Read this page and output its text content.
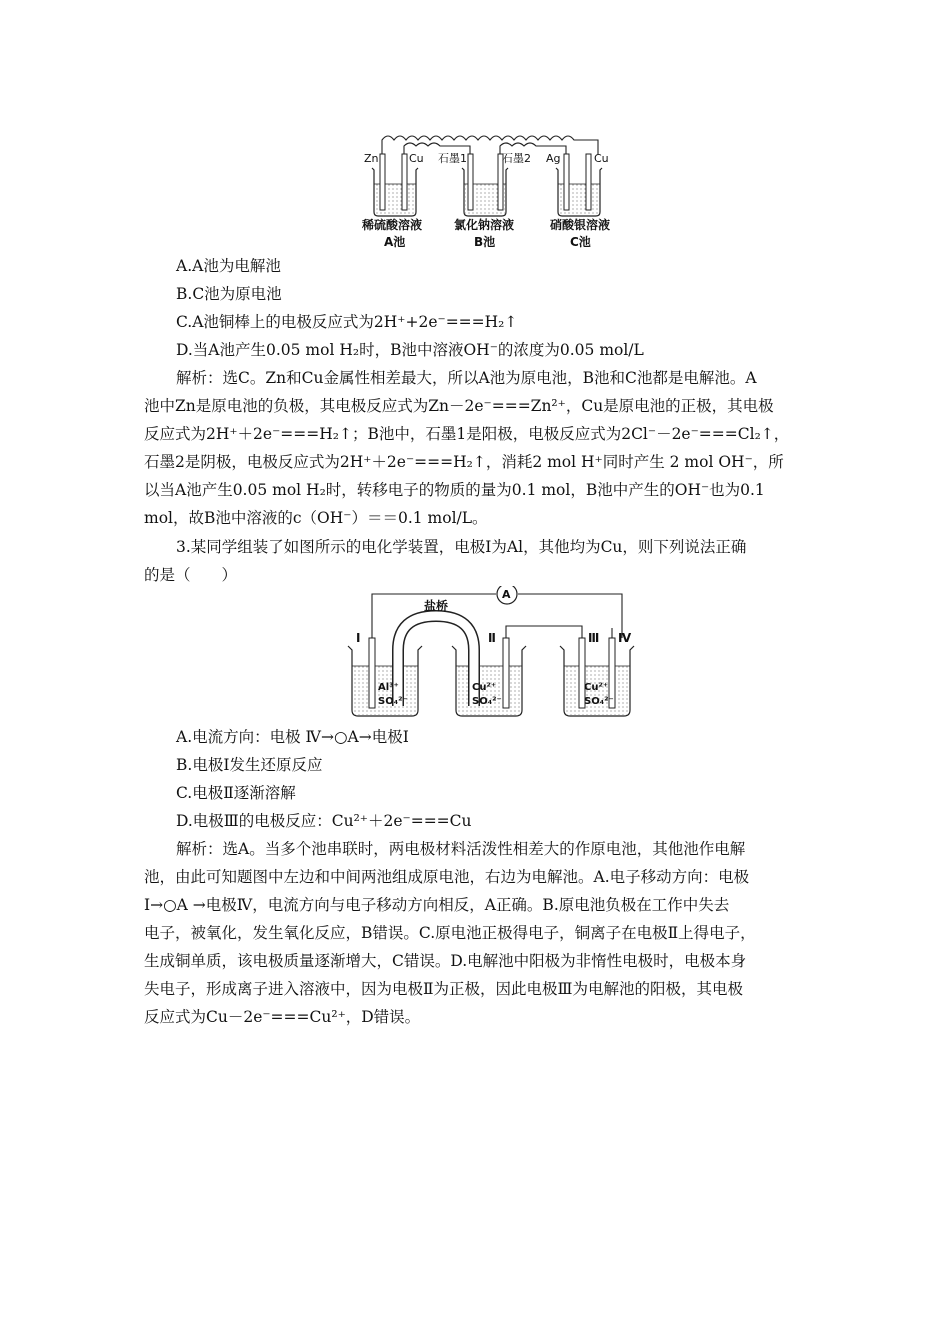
Zn	Cu 石墨1	石墨2 Ag	Cu
稀硫酸溶液	氯化钠溶液	硝酸银溶液
A池	B池	C池
A.A池为电解池
B.C池为原电池
C.A池铜棒上的电极反应式为2H⁺+2e⁻===H₂↑
D.当A池产生0.05 mol H₂时，B池中溶液OH⁻的浓度为0.05 mol/L
解析：选C。Zn和Cu金属性相差最大，所以A池为原电池，B池和C池都是电解池。A
池中Zn是原电池的负极，其电极反应式为Zn－2e⁻===Zn²⁺，Cu是原电池的正极，其电极
反应式为2H⁺＋2e⁻===H₂↑；B池中，石墨1是阳极，电极反应式为2Cl⁻－2e⁻===Cl₂↑，
石墨2是阴极，电极反应式为2H⁺＋2e⁻===H₂↑，消耗2 mol H⁺同时产生 2 mol OH⁻，所
以当A池产生0.05 mol H₂时，转移电子的物质的量为0.1 mol，B池中产生的OH⁻也为0.1
mol，故B池中溶液的c（OH⁻）＝＝0.1 mol/L。
3.某同学组装了如图所示的电化学装置，电极Ⅰ为Al，其他均为Cu，则下列说法正确
的是（　　）
A
盐桥
Ⅰ	Ⅱ	Ⅲ Ⅳ
Al³⁺
SO₄²⁻
Cu²⁺
SO₄²⁻
Cu²⁺
SO₄²⁻
A.电流方向：电极 Ⅳ→○A→电极Ⅰ
B.电极Ⅰ发生还原反应
C.电极Ⅱ逐渐溶解
D.电极Ⅲ的电极反应：Cu²⁺＋2e⁻===Cu
解析：选A。当多个池串联时，两电极材料活泼性相差大的作原电池，其他池作电解
池，由此可知题图中左边和中间两池组成原电池，右边为电解池。A.电子移动方向：电极
Ⅰ→○A →电极Ⅳ，电流方向与电子移动方向相反，A正确。B.原电池负极在工作中失去
电子，被氧化，发生氧化反应，B错误。C.原电池正极得电子，铜离子在电极Ⅱ上得电子，
生成铜单质，该电极质量逐渐增大，C错误。D.电解池中阳极为非惰性电极时，电极本身
失电子，形成离子进入溶液中，因为电极Ⅱ为正极，因此电极Ⅲ为电解池的阳极，其电极
反应式为Cu－2e⁻===Cu²⁺，D错误。
